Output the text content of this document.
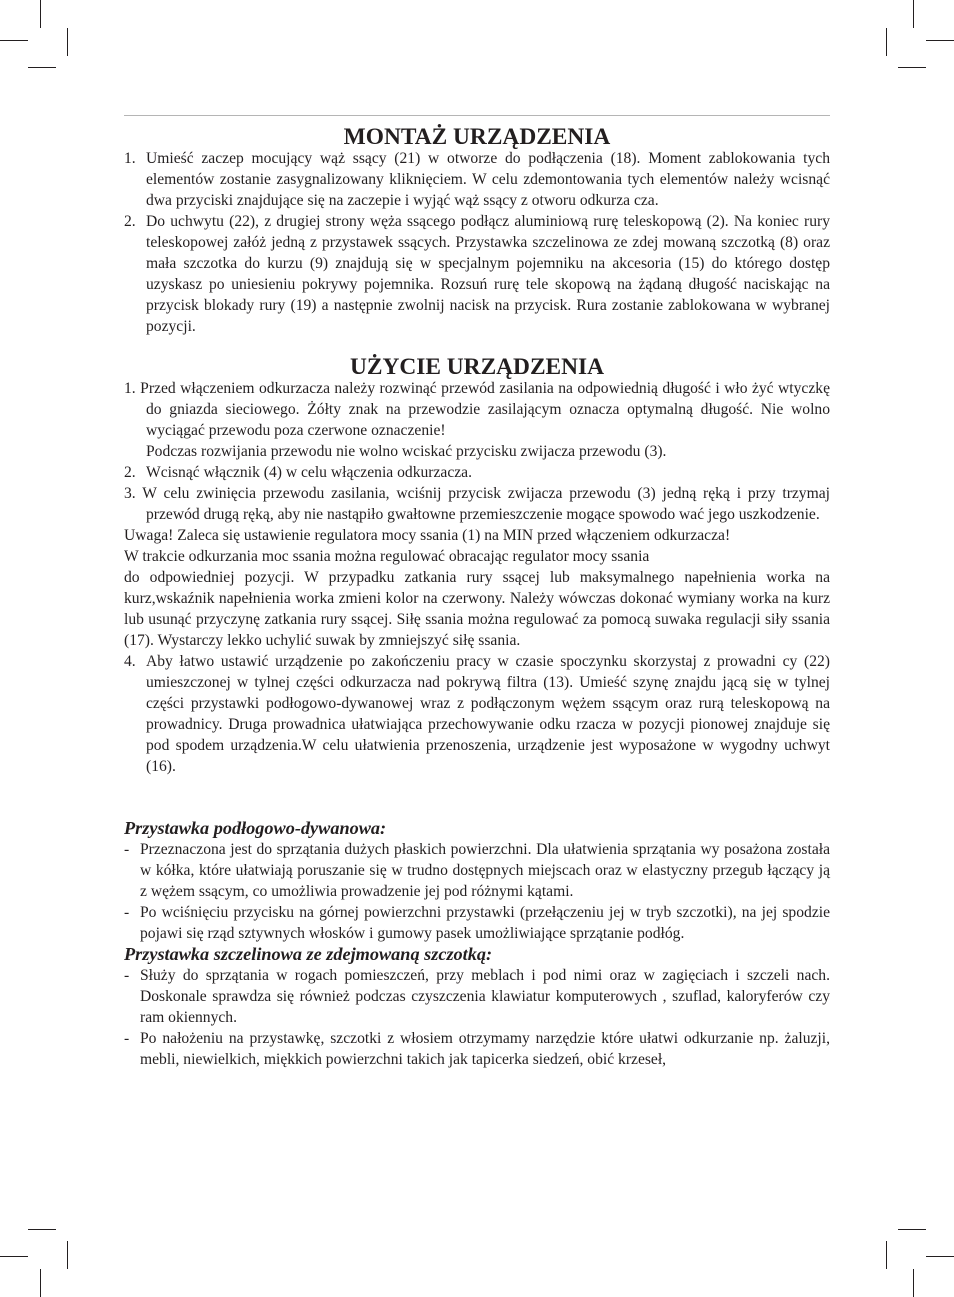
MONTAŻ URZĄDZENIA
1. Umieść zaczep mocujący wąż ssący (21) w otworze do podłączenia (18). Moment zablokowania tych elementów zostanie zasygnalizowany kliknięciem. W celu zdemontowania tych elementów należy wcisnąć dwa przyciski znajdujące się na zaczepie i wyjąć wąż ssący z otworu odkurza cza.
2. Do uchwytu (22), z drugiej strony węża ssącego podłącz aluminiową rurę teleskopową (2). Na koniec rury teleskopowej załóż jedną z przystawek ssących. Przystawka szczelinowa ze zdej mowaną szczotką (8) oraz mała szczotka do kurzu (9) znajdują się w specjalnym pojemniku na akcesoria (15) do którego dostęp uzyskasz po uniesieniu pokrywy pojemnika. Rozsuń rurę tele skopową na żądaną długość naciskając na przycisk blokady rury (19) a następnie zwolnij nacisk na przycisk. Rura zostanie zablokowana w wybranej pozycji.
UŻYCIE URZĄDZENIA
1. Przed włączeniem odkurzacza należy rozwinąć przewód zasilania na odpowiednią długość i wło żyć wtyczkę do gniazda sieciowego. Żółty znak na przewodzie zasilającym oznacza optymalną długość. Nie wolno wyciągać przewodu poza czerwone oznaczenie!
Podczas rozwijania przewodu nie wolno wciskać przycisku zwijacza przewodu (3).
2. Wcisnąć włącznik (4) w celu włączenia odkurzacza.
3. W celu zwinięcia przewodu zasilania, wciśnij przycisk zwijacza przewodu (3) jedną ręką i przy trzymaj przewód drugą ręką, aby nie nastąpiło gwałtowne przemieszczenie mogące spowodo wać jego uszkodzenie.

Uwaga! Zaleca się ustawienie regulatora mocy ssania (1) na MIN przed włączeniem odkurzacza!

W trakcie odkurzania moc ssania można regulować obracając regulator mocy ssania

do odpowiedniej pozycji. W przypadku zatkania rury ssącej lub maksymalnego napełnienia worka na kurz,wskaźnik napełnienia worka zmieni kolor na czerwony. Należy wówczas dokonać wymiany worka na kurz lub usunąć przyczynę zatkania rury ssącej. Siłę ssania można regulować za pomocą suwaka regulacji siły ssania (17). Wystarczy lekko uchylić suwak by zmniejszyć siłę ssania.

4. Aby łatwo ustawić urządzenie po zakończeniu pracy w czasie spoczynku skorzystaj z prowadni cy (22) umieszczonej w tylnej części odkurzacza nad pokrywą filtra (13). Umieść szynę znajdu jącą się w tylnej części przystawki podłogowo-dywanowej wraz z podłączonym wężem ssącym oraz rurą teleskopową na prowadnicy. Druga prowadnica ułatwiająca przechowywanie odku rzacza w pozycji pionowej znajduje się pod spodem urządzenia.W celu ułatwienia przenoszenia, urządzenie jest wyposażone w wygodny uchwyt (16).
Przystawka podłogowo-dywanowa:
- Przeznaczona jest do sprzątania dużych płaskich powierzchni. Dla ułatwienia sprzątania wy posażona została w kółka, które ułatwiają poruszanie się w trudno dostępnych miejscach oraz w elastyczny przegub łączący ją z wężem ssącym, co umożliwia prowadzenie jej pod różnymi kątami.
- Po wciśnięciu przycisku na górnej powierzchni przystawki (przełączeniu jej w tryb szczotki), na jej spodzie pojawi się rząd sztywnych włosków i gumowy pasek umożliwiające sprzątanie podłóg.
Przystawka szczelinowa ze zdejmowaną szczotką:
- Służy do sprzątania w rogach pomieszczeń, przy meblach i pod nimi oraz w zagięciach i szczeli nach. Doskonale sprawdza się również podczas czyszczenia klawiatur komputerowych , szuflad, kaloryferów czy ram okiennych.
- Po nałożeniu na przystawkę, szczotki z włosiem otrzymamy narzędzie które ułatwi odkurzanie np. żaluzji, mebli, niewielkich, miękkich powierzchni takich jak tapicerka siedzeń, obić krzeseł,
